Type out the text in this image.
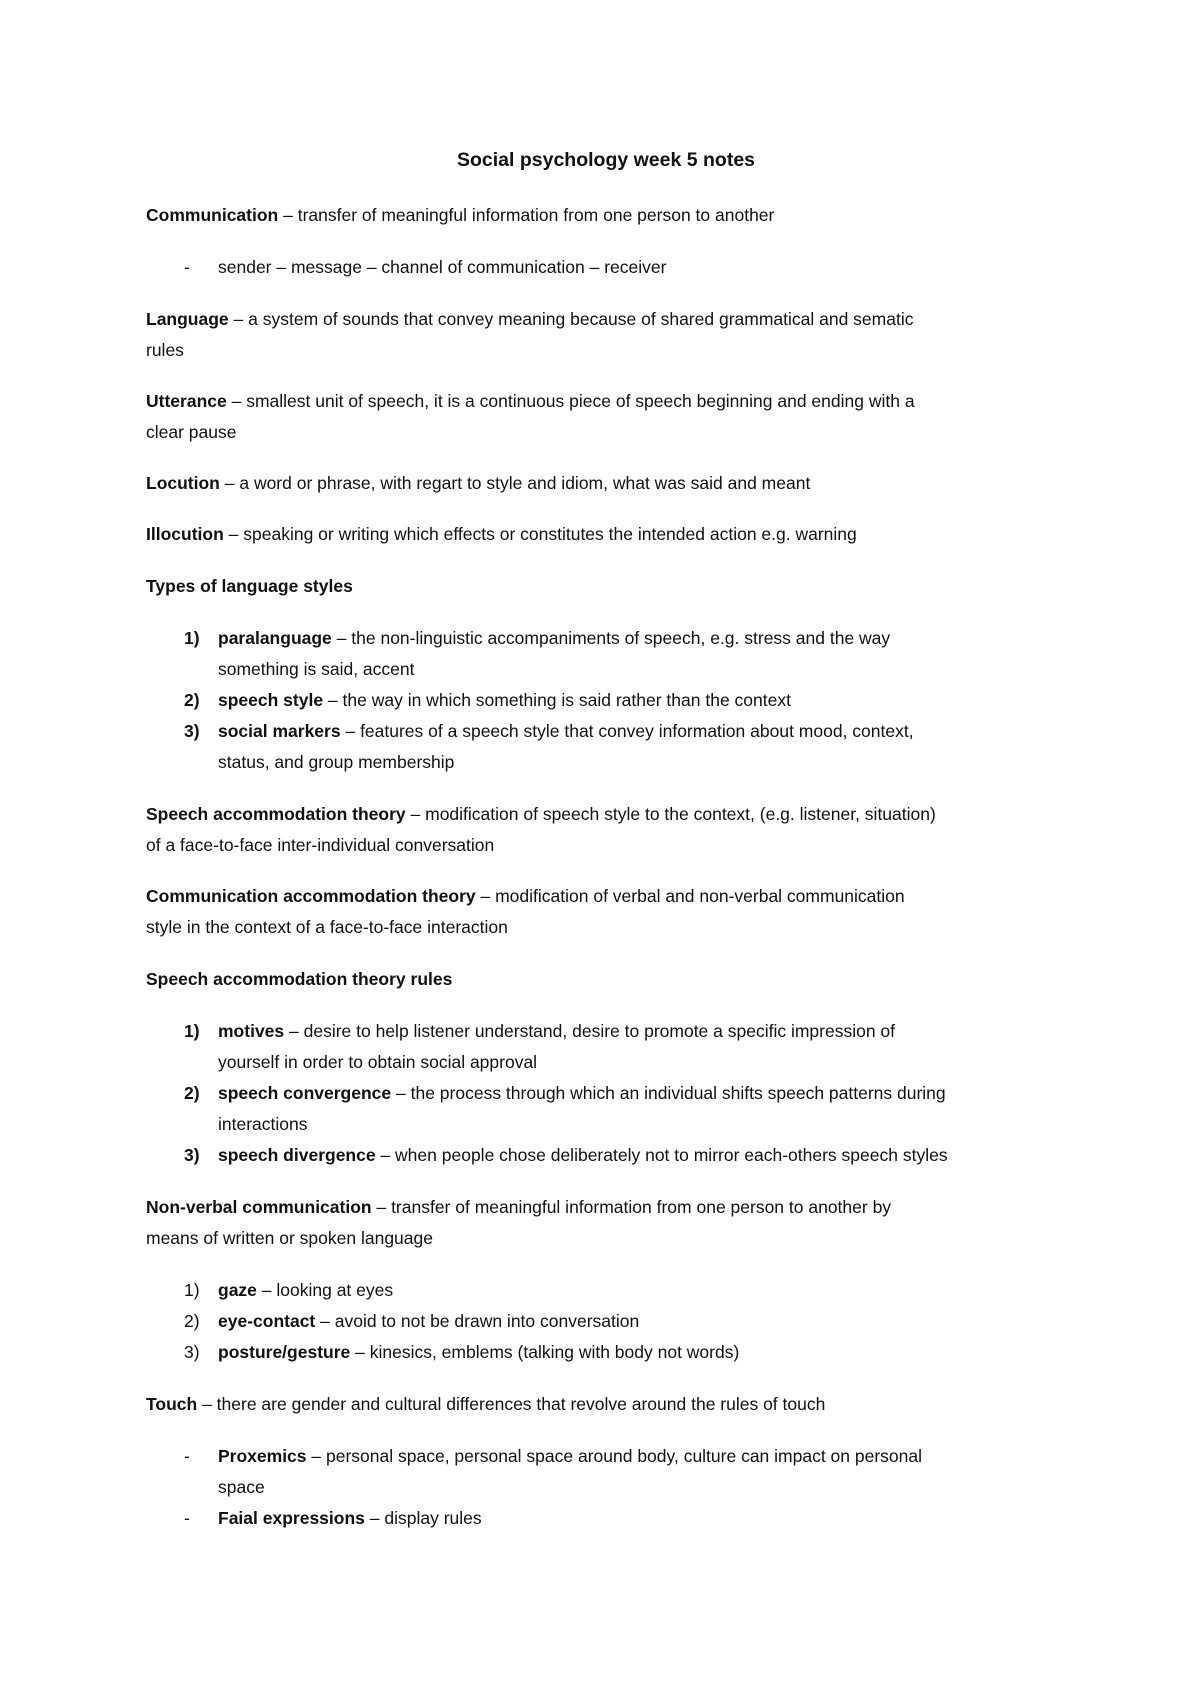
Social psychology week 5 notes
Communication – transfer of meaningful information from one person to another
- sender – message – channel of communication – receiver
Language – a system of sounds that convey meaning because of shared grammatical and sematic
rules
Utterance – smallest unit of speech, it is a continuous piece of speech beginning and ending with a
clear pause
Locution – a word or phrase, with regart to style and idiom, what was said and meant
Illocution – speaking or writing which effects or constitutes the intended action e.g. warning
Types of language styles
1) paralanguage – the non-linguistic accompaniments of speech, e.g. stress and the way
something is said, accent
2) speech style – the way in which something is said rather than the context
3) social markers – features of a speech style that convey information about mood, context,
status, and group membership
Speech accommodation theory – modification of speech style to the context, (e.g. listener, situation)
of a face-to-face inter-individual conversation
Communication accommodation theory – modification of verbal and non-verbal communication
style in the context of a face-to-face interaction
Speech accommodation theory rules
1) motives – desire to help listener understand, desire to promote a specific impression of
yourself in order to obtain social approval
2) speech convergence – the process through which an individual shifts speech patterns during
interactions
3) speech divergence – when people chose deliberately not to mirror each-others speech styles
Non-verbal communication – transfer of meaningful information from one person to another by
means of written or spoken language
1) gaze – looking at eyes
2) eye-contact – avoid to not be drawn into conversation
3) posture/gesture – kinesics, emblems (talking with body not words)
Touch – there are gender and cultural differences that revolve around the rules of touch
- Proxemics – personal space, personal space around body, culture can impact on personal
space
- Faial expressions – display rules
